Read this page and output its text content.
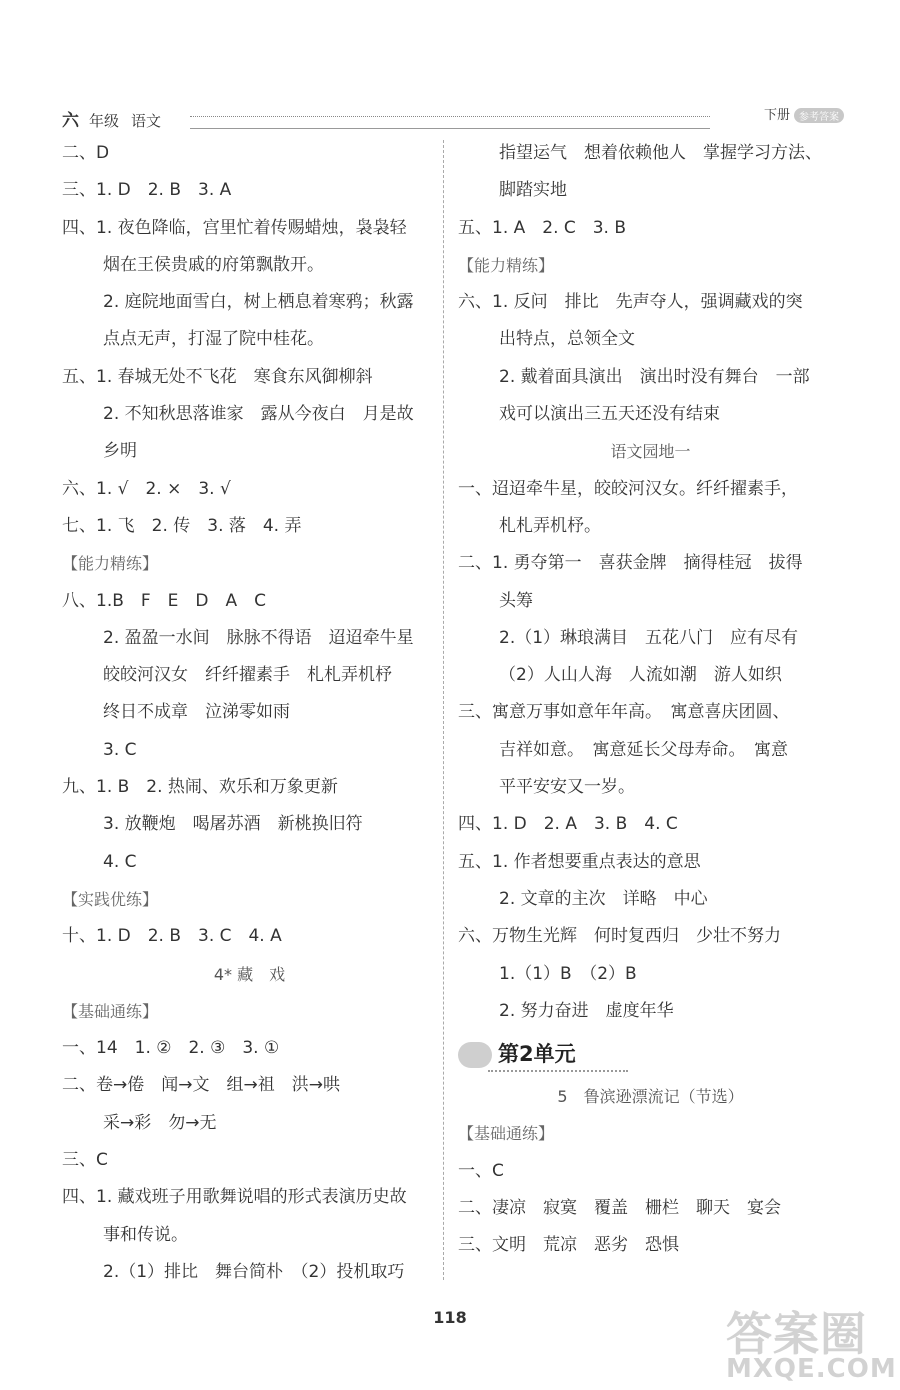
六 年级 语文	下册 参考答案
二、D
三、1. D　2. B　3. A
四、1. 夜色降临，宫里忙着传赐蜡烛，袅袅轻
烟在王侯贵戚的府第飘散开。
2. 庭院地面雪白，树上栖息着寒鸦；秋露
点点无声，打湿了院中桂花。
五、1. 春城无处不飞花　寒食东风御柳斜
2. 不知秋思落谁家　露从今夜白　月是故
乡明
六、1. √　2. ×　3. √
七、1. 飞　2. 传　3. 落　4. 弄
【能力精练】
八、1.B　F　E　D　A　C
2. 盈盈一水间　脉脉不得语　迢迢牵牛星
皎皎河汉女　纤纤擢素手　札札弄机杼
终日不成章　泣涕零如雨
3. C
九、1. B　2. 热闹、欢乐和万象更新
3. 放鞭炮　喝屠苏酒　新桃换旧符
4. C
【实践优练】
十、1. D　2. B　3. C　4. A
4* 藏　戏
【基础通练】
一、14　1. ②　2. ③　3. ①
二、卷→倦　闻→文　组→祖　洪→哄
采→彩　勿→无
三、C
四、1. 藏戏班子用歌舞说唱的形式表演历史故
事和传说。
2.（1）排比　舞台简朴　（2）投机取巧
指望运气　想着依赖他人　掌握学习方法、
脚踏实地
五、1. A　2. C　3. B
【能力精练】
六、1. 反问　排比　先声夺人，强调藏戏的突
出特点，总领全文
2. 戴着面具演出　演出时没有舞台　一部
戏可以演出三五天还没有结束
语文园地一
一、迢迢牵牛星，皎皎河汉女。纤纤擢素手，
札札弄机杼。
二、1. 勇夺第一　喜获金牌　摘得桂冠　拔得
头筹
2.（1）琳琅满目　五花八门　应有尽有
（2）人山人海　人流如潮　游人如织
三、寓意万事如意年年高。　寓意喜庆团圆、
吉祥如意。　寓意延长父母寿命。　寓意
平平安安又一岁。
四、1. D　2. A　3. B　4. C
五、1. 作者想要重点表达的意思
2. 文章的主次　详略　中心
六、万物生光辉　何时复西归　少壮不努力
1.（1）B　（2）B
2. 努力奋进　虚度年华
第2单元
5　鲁滨逊漂流记（节选）
【基础通练】
一、C
二、凄凉　寂寞　覆盖　栅栏　聊天　宴会
三、文明　荒凉　恶劣　恐惧
118	答案圈
MXQE.COM
